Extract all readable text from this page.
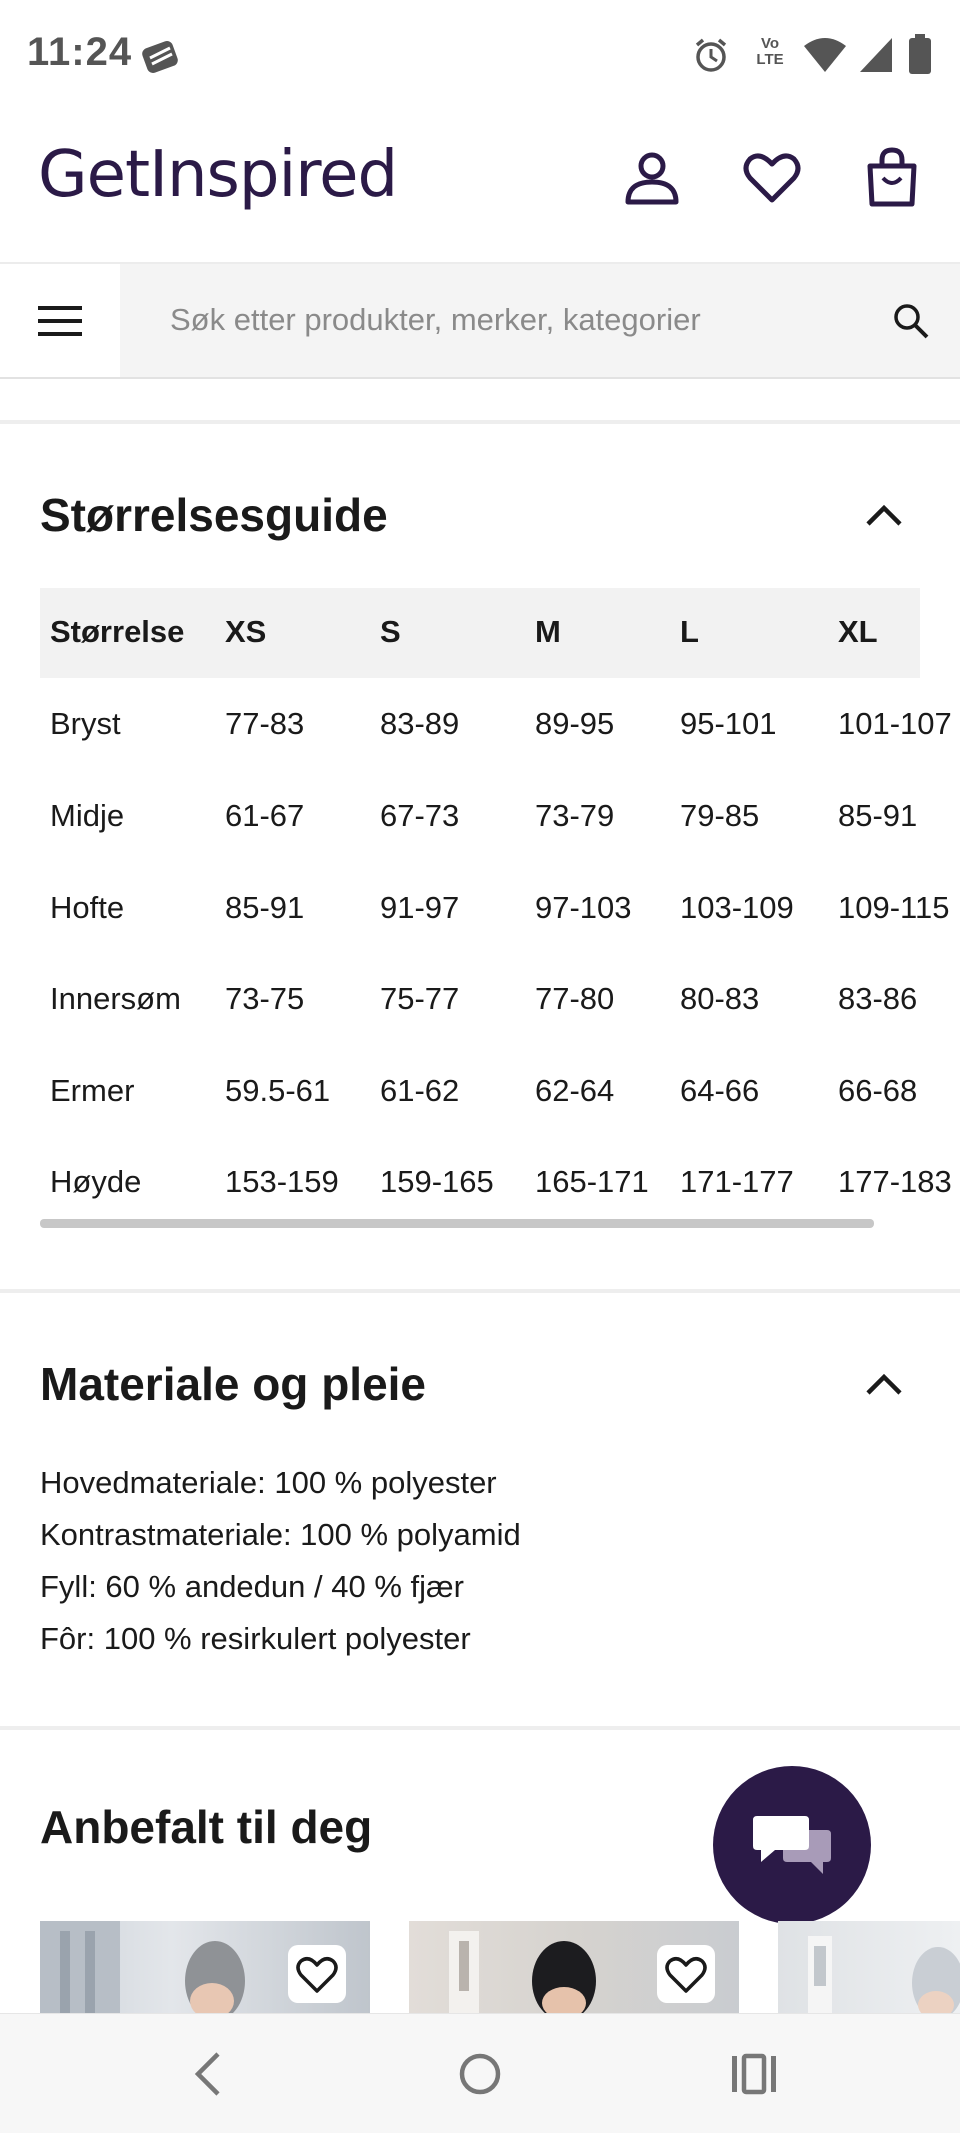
11:24	Vo
LTE
GetInspired
Søk etter produkter, merker, kategorier
Størrelsesguide
Størrelse XS	S	M	L	XL
Bryst	77-83 83-89 89-95 95-101 101-107
Midje	61-67 67-73 73-79 79-85	85-91
Hofte	85-91 91-97 97-103 103-109 109-115
Innersøm 73-75 75-77 77-80 80-83	83-86
Ermer	59.5-61 61-62 62-64 64-66	66-68
Høyde	153-159 159-165 165-171 171-177 177-183
Materiale og pleie
Hovedmateriale: 100 % polyester
Kontrastmateriale: 100 % polyamid
Fyll: 60 % andedun / 40 % fjær
Fôr: 100 % resirkulert polyester
Anbefalt til deg
